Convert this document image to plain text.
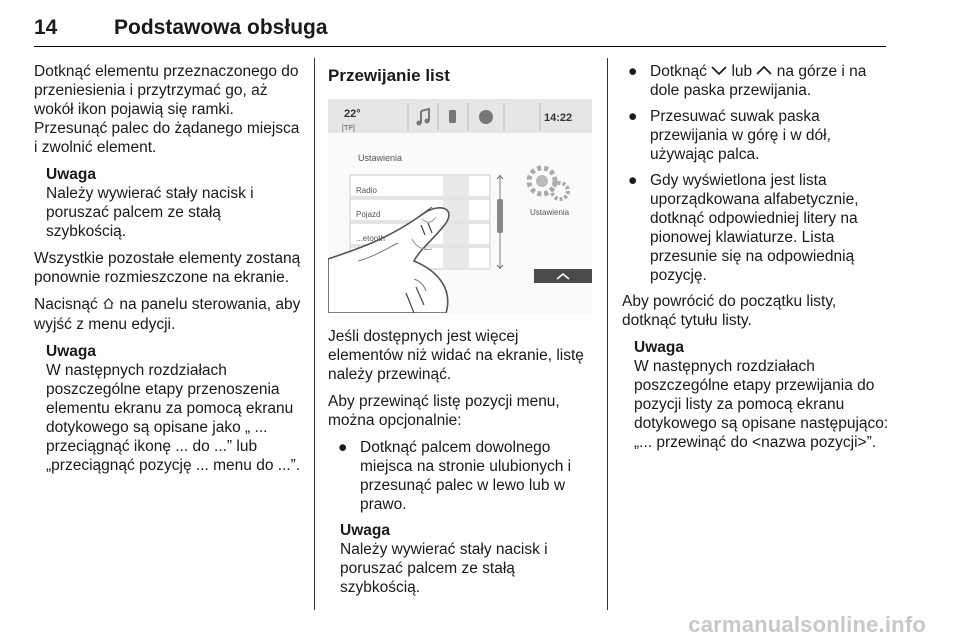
14	Podstawowa obsługa

Dotknąć elementu przeznaczonego do przeniesienia i przytrzymać go, aż wokół ikon pojawią się ramki. Przesunąć palec do żądanego miejsca i zwolnić element.

Uwaga
Należy wywierać stały nacisk i poruszać palcem ze stałą szybkością.

Wszystkie pozostałe elementy zostaną ponownie rozmieszczone na ekranie.

Nacisnąć  na panelu sterowania, aby wyjść z menu edycji.

Uwaga
W następnych rozdziałach poszczególne etapy przenoszenia elementu ekranu za pomocą ekranu dotykowego są opisane jako „ ... przeciągnąć ikonę ... do ...” lub „przeciągnąć pozycję ... menu do ...”.
Przewijanie list
22°
[TP]
14:22
Ustawienia
Radio
Pojazd
...etooth
Ustawienia

Jeśli dostępnych jest więcej elementów niż widać na ekranie, listę należy przewinąć.

Aby przewinąć listę pozycji menu, można opcjonalnie:

● Dotknąć palcem dowolnego miejsca na stronie ulubionych i przesunąć palec w lewo lub w prawo.
Uwaga
Należy wywierać stały nacisk i poruszać palcem ze stałą szybkością.
● Dotknąć  lub  na górze i na dole paska przewijania.
● Przesuwać suwak paska przewijania w górę i w dół, używając palca.
● Gdy wyświetlona jest lista uporządkowana alfabetycznie, dotknąć odpowiedniej litery na pionowej klawiaturze. Lista przesunie się na odpowiednią pozycję.

Aby powrócić do początku listy, dotknąć tytułu listy.

Uwaga
W następnych rozdziałach poszczególne etapy przewijania do pozycji listy za pomocą ekranu dotykowego są opisane następująco: „... przewinąć do <nazwa pozycji>”.
carmanualsonline.info
